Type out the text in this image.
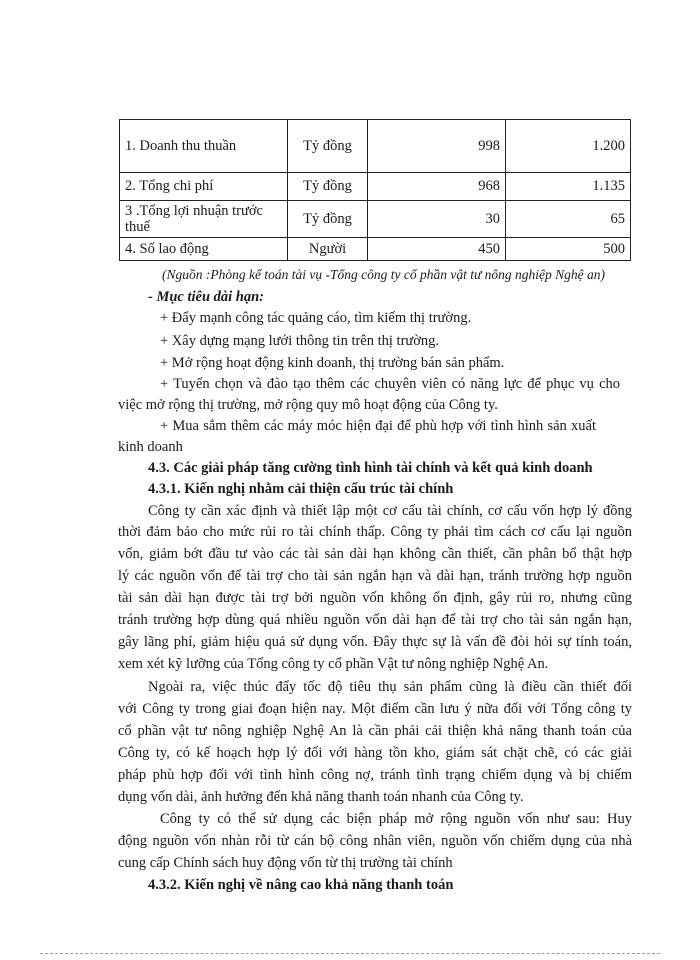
1. Doanh thu thuần	Tỷ đồng	998	1.200
2. Tổng chi phí	Tỷ đồng	968	1.135
3 .Tổng lợi nhuận trước thuế	Tỷ đồng	30	65
4. Số lao động	Người	450	500
(Nguồn :Phòng kế toán tài vụ -Tổng công ty cổ phần vật tư nông nghiệp Nghệ an)
- Mục tiêu dài hạn:
+ Đẩy mạnh công tác quảng cáo, tìm kiếm thị trường.
+ Xây dựng mạng lưới thông tin trên thị trường.
+ Mở rộng hoạt động kinh doanh, thị trường bán sản phẩm.
+ Tuyển chọn và đào tạo thêm các chuyên viên có năng lực để phục vụ cho
việc mở rộng thị trường, mở rộng quy mô hoạt động của Công ty.
+ Mua sắm thêm các máy móc hiện đại để phù hợp với tình hình sản xuất
kinh doanh
4.3. Các giải pháp tăng cường tình hình tài chính và kết quả kinh doanh
4.3.1. Kiến nghị nhằm cải thiện cấu trúc tài chính
Công ty cần xác định và thiết lập một cơ cấu tài chính, cơ cấu vốn hợp lý đồng
thời đảm bảo cho mức rủi ro tài chính thấp. Công ty phải tìm cách cơ cấu lại nguồn
vốn, giảm bớt đầu tư vào các tài sản dài hạn không cần thiết, cần phân bổ thật hợp
lý các nguồn vốn để tài trợ cho tài sản ngắn hạn và dài hạn, tránh trường hợp nguồn
tài sản dài hạn được tài trợ bởi nguồn vốn không ổn định, gây rủi ro, nhưng cũng
tránh trường hợp dùng quá nhiều nguồn vốn dài hạn để tài trợ cho tài sản ngắn hạn,
gây lãng phí, giảm hiệu quả sử dụng vốn. Đây thực sự là vấn đề đòi hỏi sự tính toán,
xem xét kỹ lưỡng của Tổng công ty cổ phần Vật tư nông nghiệp Nghệ An.
Ngoài ra, việc thúc đẩy tốc độ tiêu thụ sản phẩm cũng là điều cần thiết đối
với Công ty trong giai đoạn hiện nay. Một điểm cần lưu ý nữa đối với Tổng công ty
cổ phần vật tư nông nghiệp Nghệ An là cần phải cải thiện khả năng thanh toán của
Công ty, có kế hoạch hợp lý đối với hàng tồn kho, giám sát chặt chẽ, có các giải
pháp phù hợp đối với tình hình công nợ, tránh tình trạng chiếm dụng và bị chiếm
dụng vốn dài, ảnh hưởng đến khả năng thanh toán nhanh của Công ty.
Công ty có thể sử dụng các biện pháp mở rộng nguồn vốn như sau: Huy
động nguồn vốn nhàn rỗi từ cán bộ công nhân viên, nguồn vốn chiếm dụng của nhà
cung cấp Chính sách huy động vốn từ thị trường tài chính
4.3.2. Kiến nghị về nâng cao khả năng thanh toán
